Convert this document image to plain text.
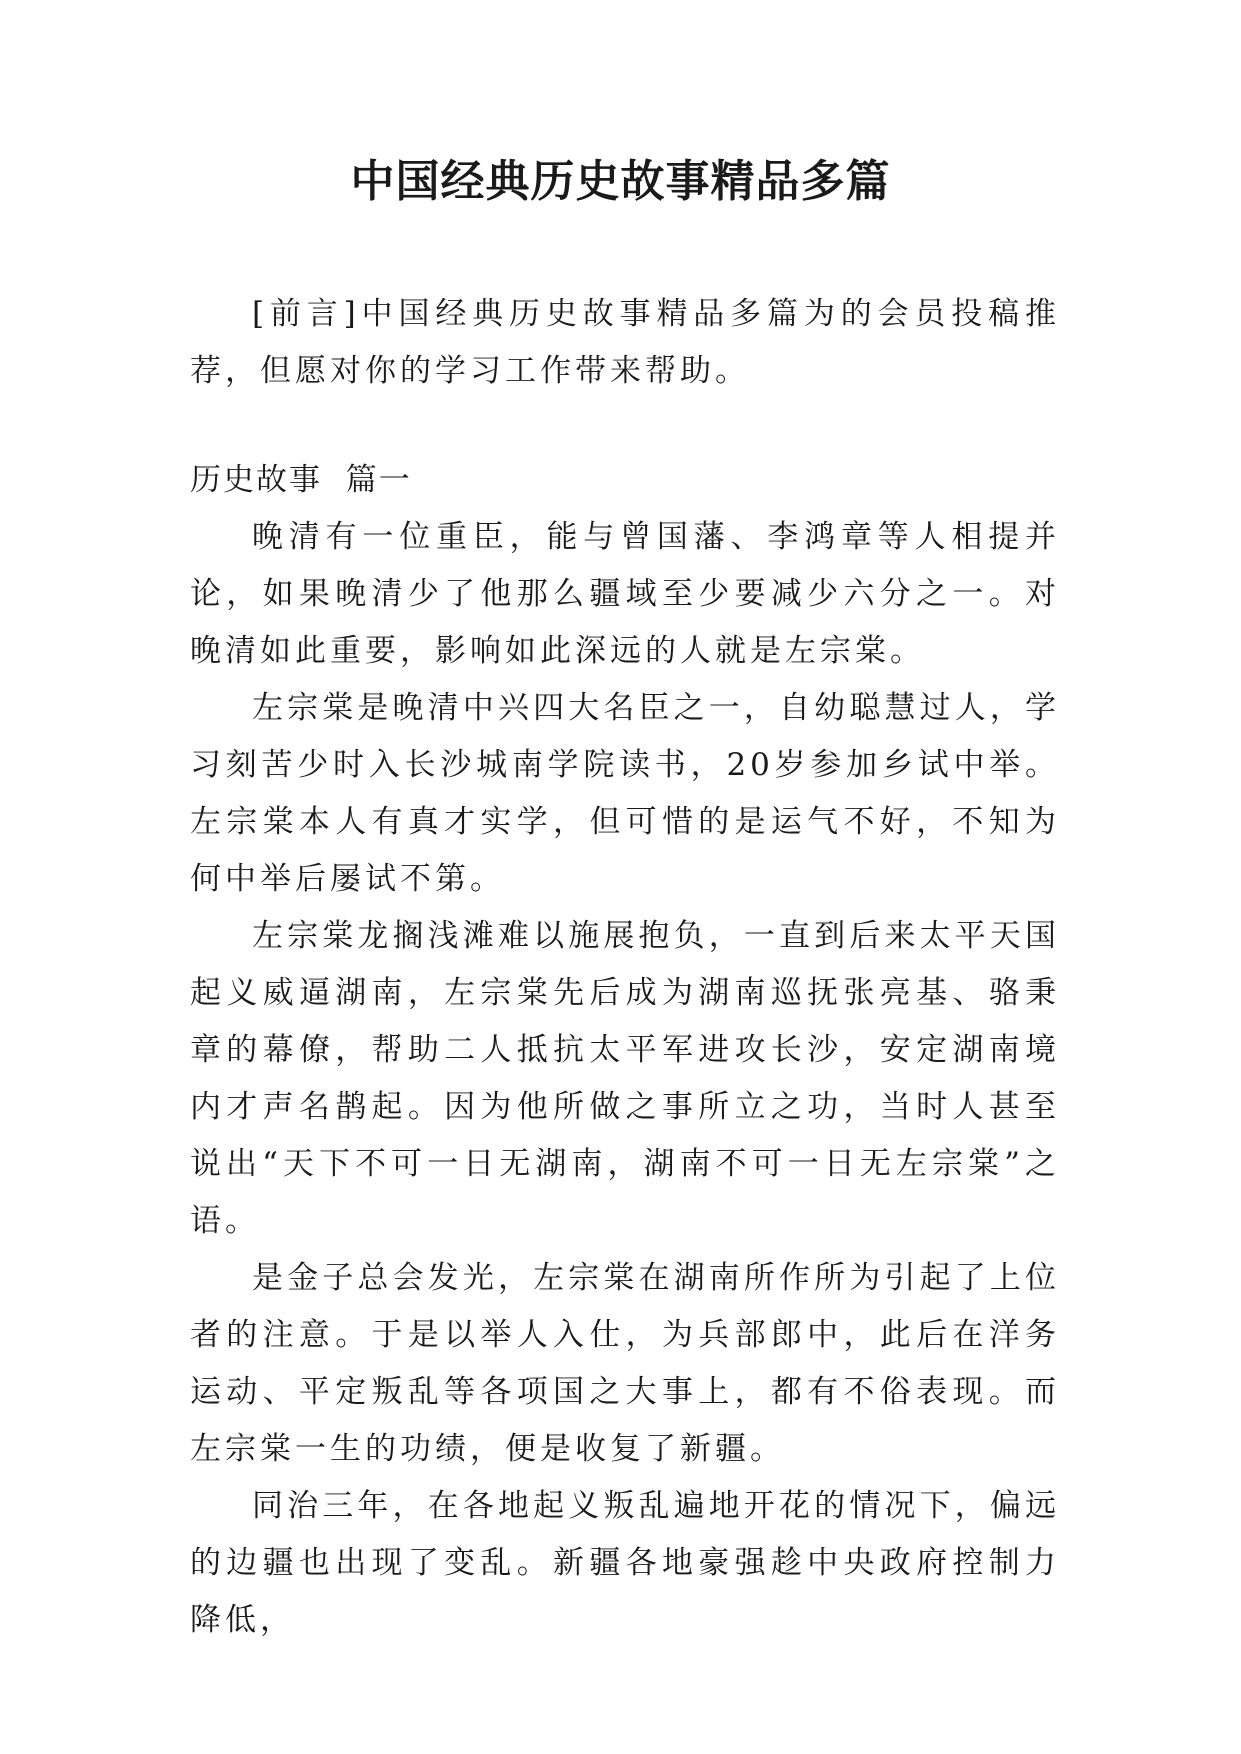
中国经典历史故事精品多篇

[前言]中国经典历史故事精品多篇为的会员投稿推荐，但愿对你的学习工作带来帮助。

历史故事  篇一

晚清有一位重臣，能与曾国藩、李鸿章等人相提并论，如果晚清少了他那么疆域至少要减少六分之一。对晚清如此重要，影响如此深远的人就是左宗棠。

左宗棠是晚清中兴四大名臣之一，自幼聪慧过人，学习刻苦少时入长沙城南学院读书，20岁参加乡试中举。左宗棠本人有真才实学，但可惜的是运气不好，不知为何中举后屡试不第。

左宗棠龙搁浅滩难以施展抱负，一直到后来太平天国起义威逼湖南，左宗棠先后成为湖南巡抚张亮基、骆秉章的幕僚，帮助二人抵抗太平军进攻长沙，安定湖南境内才声名鹊起。因为他所做之事所立之功，当时人甚至说出“天下不可一日无湖南，湖南不可一日无左宗棠”之语。

是金子总会发光，左宗棠在湖南所作所为引起了上位者的注意。于是以举人入仕，为兵部郎中，此后在洋务运动、平定叛乱等各项国之大事上，都有不俗表现。而左宗棠一生的功绩，便是收复了新疆。

同治三年，在各地起义叛乱遍地开花的情况下，偏远的边疆也出现了变乱。新疆各地豪强趁中央政府控制力降低，
